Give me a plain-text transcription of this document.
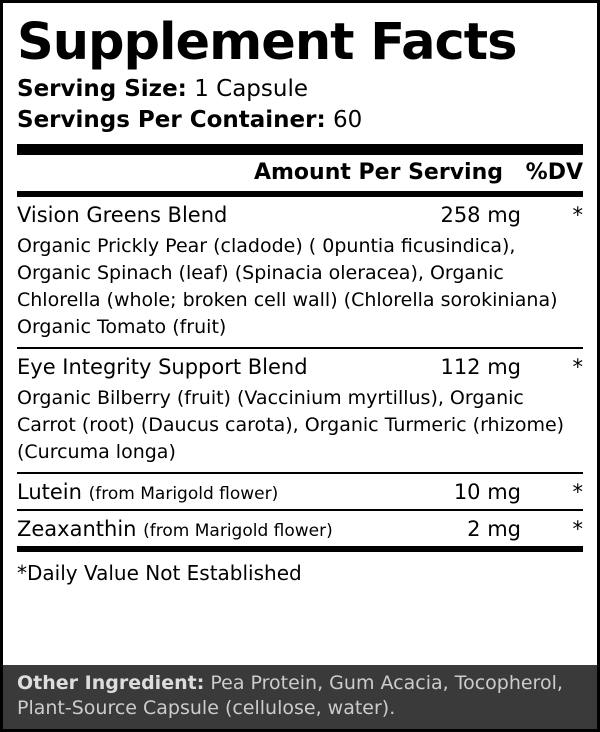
Supplement Facts
Serving Size: 1 Capsule
Servings Per Container: 60
Amount Per Serving %DV
Vision Greens Blend	258 mg	*
Organic Prickly Pear (cladode) ( 0puntia ficusindica), Organic Spinach (leaf) (Spinacia oleracea), Organic Chlorella (whole; broken cell wall) (Chlorella sorokiniana) Organic Tomato (fruit)
Eye Integrity Support Blend	112 mg	*
Organic Bilberry (fruit) (Vaccinium myrtillus), Organic Carrot (root) (Daucus carota), Organic Turmeric (rhizome) (Curcuma longa)
Lutein (from Marigold flower)	10 mg	*
Zeaxanthin (from Marigold flower)	2 mg	*
*Daily Value Not Established
Other Ingredient: Pea Protein, Gum Acacia, Tocopherol, Plant-Source Capsule (cellulose, water).
